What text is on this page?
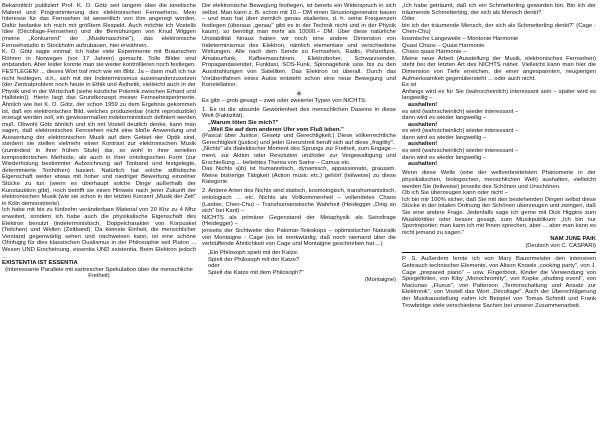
Bekanntlich publiziert Prof. K. O. Götz seit langem über die kinetische Malerei und Programmierung des elektronischen Fernsehens. Mein Interesse für das Fernsehen ist wesentlich von ihm angeregt worden. Dafür bedanke ich mich mit größtem Respekt. Auch möchte ich Vostells Idee (Décollage-Fernsehen) und die Bemühungen von Knud Wiggen (meine „Konkurrent" der „Musikmaschine"), das elektronische Fernsehstudio in Stockholm aufzubauen, hier erwähnen.

K. O. Götz sagte einmal: Ich habe viele Experimente mit Braunschen Röhren in Norwegen (vor 17 Jahren) gemacht. Tolle Bilder sind entstanden. Aber leider konnte man sie weder kontrollieren noch festlegen. FESTLEGEN! ... dieses Wort traf mich wie ein Blitz. Ja – dann muß ich nur nicht festlegen, d.h., sich mit der Indeterminismus auseinanderzusetzen (der Zentralproblem noch heute in Ethik und Ästhetik, vielleicht auch in der Physik und in der Wirtschaft (siehe kürzliche Polemik zwischen Erhard und Hallstein)). Hierin liegt das Grundkonzept meiner Fernsehexperimente. Ähnlich wie bei K. O. Götz, der schon 1959 zu dem Ergebnis gekommen ist, daß ein elektronisches Bild, welches produzierbar (nicht reproduzible) erzeugt werden soll, ein gewissermaßen indeterministisch definiert werden muß. Obwohl Götz ähnlich und ich mit Vostell deutlich denke, kann man sagen, daß elektronisches Fernsehen nicht eine bloße Anwendung und Auswertung der elektronischen Musik auf dem Gebiet der Optik sind, sondern sie stellen vielmehr einen Kontrast zur elektronischen Musik (zumindest in ihrer frühen Stufe) dar, so wohl in ihrer seriellen kompositorischen Methode, als auch in ihrer ontologischen Form (zur Wiederholung bestimmter Aufzeichnung auf Tonband und festgelegte, determinierte Tonhöhen) basiert. Natürlich hat solche stillistische Eigenschaft weder etwas mit hoher und niedriger Bewertung einzelner Stücke zu tun (wenn es überhaupt solche Dinge außerhalb der Kunstauktion gibt), noch betrifft sie einen Hinweis nach jener Zukunft der elektronischen Musik (wie sie schon in der letzten Konzert „Musik der Zeit" in Köln demonstrierte).

Ich habe mit bis zu fünfzehn veränderbare Material von 20 Khz zu 4 Mhz erweitert, sondern ich habe auch die physikalische Eigenschaft des Elektron benutzt (indeterministisch, Doppelcharakter von Korpuskel (Teilchen) und Wellen (Zeitband). Da kleinste Einheit, die menschlicher Verstand gegenwärtig sehen und nachweisen kann, ist eine schöne Ohnfugig für dies klassischen Dualismus in der Philosophie seit Platon ... Wesen UND Erscheinung, essentia UND existentia. Beim Elektron jedoch ...

EXISTENTIA IST ESSENTIA

(Interessante Parallele mit sartrescher Spekulation über die menschliche Freiheit)

Die elektronische Bewegung festlegen, ist bereits ein Widerspruch in sich selbst. Man kann z. B. schon mit 10.– DM einen Sinustongenerator bauen – und man hat über ziemlich genau skaliertes, d. h. seine Frequenzen festlegen (überaus „genau" gibt es in der Technik nicht und in der Physik kaum), so benötigt man mehr als 10000.– DM. Über diese natürliche Unstabilität hinaus haben wir noch eine andere Dimension von Indeterminismus des Elektron, nämlich elementare und verschiedene Wirkungen. Alle nach dem Sende zu Fernsehen, Radio, Polizeifunk, Amateurfunk, Kaffeemaschinen, Elektroboher, Schwarzsender, Propagandasender, Funktaxi, SOS-Funk, Spionagefunk usw. bis zu den Ausstrahlungen von Satelliten. Das Elektron ist überall. Durch das Vorübertfahren eines Autos entsteht schon eine neue Bewegung und Konstellation.

✳

Es gibt – grob gesagt – zwei oder zweierlei Typen von NICHTS:

1. Es ist die absurde Gewortenheit des menschlichen Daseins in diese Welt (Faktizität).

„Warum töten Sie mich?"

„Weil Sie auf dem anderen Ufer vom Fluß leben."

(Pascal über Justice; Gesetz und Gerechtigkeit.) Diese völkerrechtliche Gerechtigkeit (justice) und jeder Grenzstreit beruft sich auf diese „fragility".

„Nichts" als dialektischer Moment des Sprungs zur Freiheit, zum Engage – ment, zur Aktion oder Revolution und/oder zur Vergewaltigung und Erschießung ... beliebtes Thema von Sartre – Camus etc.

Das Nichts a)b) ist humanistisch, dynamisch, appassionato, grausam. Meine bisherige Tätigkeit (Action music etc.) gehört (teilweise) zu diese Kategorie.

2. Andere Arten des Nichts sind statisch, kosmologisch, transhumanistisch, ontologisch ... etc. Nichts als Vollkommenheit – vollendetes Chaos (Laotse, Chen-Chu) – Transhumanistische Wahrheit (Heidegger „Ding an sich" bei Kant) –

NICHTS als primärer Gegenstand der Metaphysik als Seinsfrage (Heidegger) –

jenseits der Sichtweite des Palomar-Teleskops – optimistischer Naturalik von Montaigne - Cage (es ist merkwürdig, daß noch niemand über die verblüffende Ähnlichkeit von Cage und Montaigne geschrieben hat ...)

„Ein Philosoph spielt mit der Katze.

Spielt der Philosoph mit der Katze?

oder

Spielt die Katze mit dem Philosoph?"

(Montaigne)

„Ich habe geträumt, daß ich ein Schmetterling geworden bin. Bin ich der träumende Schmetterling, der sich als Mensch denkt?

Oder

bin ich der träumende Mensch, der sich als Schmetterling denkt?" (Cage - Chen-Chu)

kosmische Langeweile – Montonie Harmonie

Quasi Chaos – Quasi Harmonie

Chaos quasi Harmonie –

Meine neue Arbeit (Ausstellung der Musik, elektronisches Fernsehen) steht bei der letzten Art des NICHTS näher. Vielleicht kann man hier die Dimension von Tiefe erreichen, die einer angespannten, neugierigen Aufmerksamkeit gegenübersteht ... oder auch nicht.

Es ist

Anfangs wird es für Sie (wahrscheinlich) interessant sein – später wird es langweilig –

aushalten!

es wird (wahrscheinlich) wieder interessant –

dann wird es wieder langweilig –

aushalten!

es wird (wahrscheinlich) wieder interessant –

dann wird es wieder langweilig –

aushalten!

es wird (wahrscheinlich) wieder interessant –

dann wird es wieder langweilig –

aushalten!

Wenn diese Welle (eine der weltverbreitetsten Phänomene in der physikalischen, biologischen, menschlichen Welt) aushalten, vielleicht werden Sie (teilweise) jenseits des Schönen und Unschönen.

Ob ich Sie überzeugen kann oder nicht –

Ich bin mir 100% sicher, daß Sie mit den bestehenden Dingen selbst diese Stücke in der totalen Ordnung der Schönen überzeugen und zwingen, daß Sie eine andere Frage. Jedenfalls sage ich gerne mit Dick Higgins zum Musikkritiker oder besser gesagt, zum Musikpublikum: „Ich bin nur Sportreporter; man kann ich mit Ihnen sprechen, aber ... aber man kann es nicht jemand zu sagen."

NAM JUNE PAIK

(Deutsch von C. CASPARI)

P. S. Außerdem lernte ich von Mary Bauermeister den intensiven Gebrauch technischer Elemente, von Alison Knowls „cooking party", von J. Cage „prepared piano" – usw. Fingerboot, Kinder die Verwendung von Spiegelfolien, von Kiby „Monochromity", von Kopke „shutting event", von Maciunas „Fluxus", von Patterson „Terminschaltung und Ansatz zur Elektronik", von Vostell das Wort „Décollage". Auch der Überschlägerung der Musikausstellung nahm ich Beispiel von Tomas Schmitt und Frank Trowbridge viele verschiedene Sachen bei unserer Zusammenarbeit.
